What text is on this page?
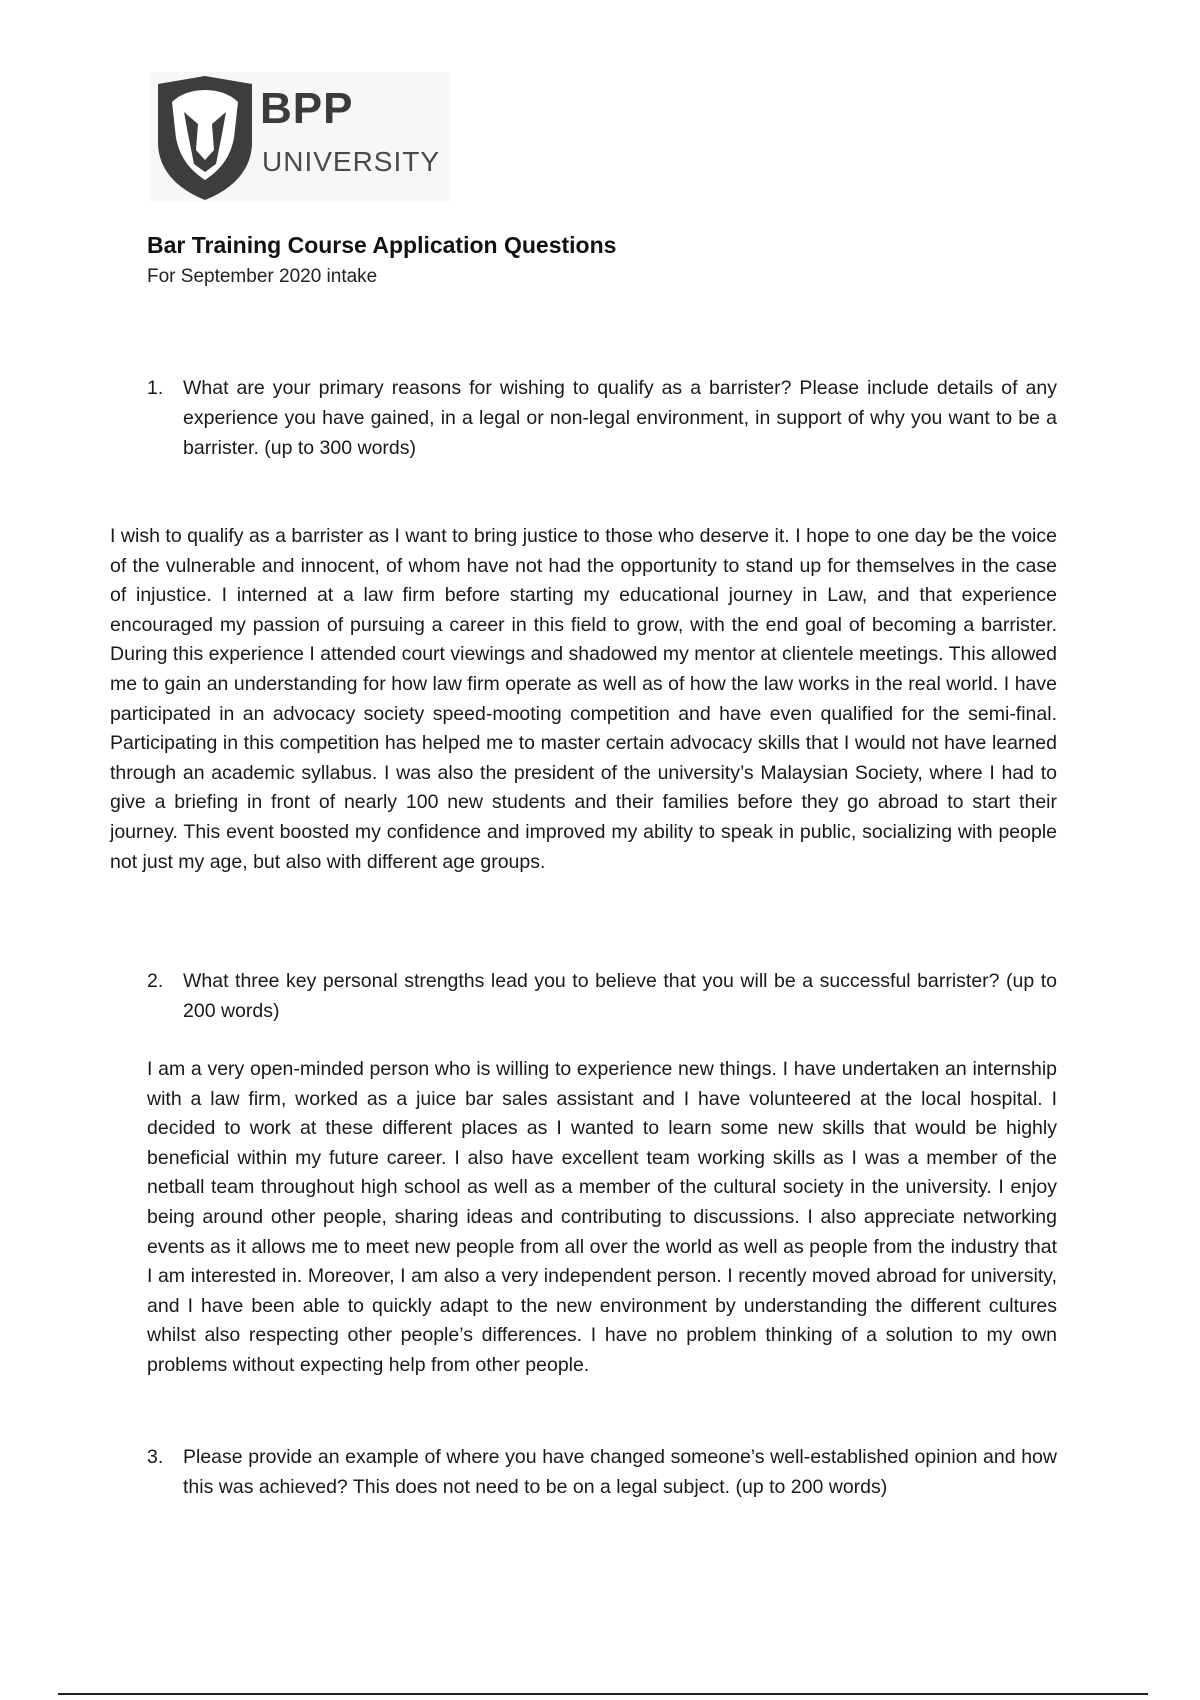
BPP
UNIVERSITY
Bar Training Course Application Questions
For September 2020 intake
1.	What are your primary reasons for wishing to qualify as a barrister? Please include details of any experience you have gained, in a legal or non-legal environment, in support of why you want to be a barrister. (up to 300 words)
I wish to qualify as a barrister as I want to bring justice to those who deserve it. I hope to one day be the voice of the vulnerable and innocent, of whom have not had the opportunity to stand up for themselves in the case of injustice. I interned at a law firm before starting my educational journey in Law, and that experience encouraged my passion of pursuing a career in this field to grow, with the end goal of becoming a barrister. During this experience I attended court viewings and shadowed my mentor at clientele meetings. This allowed me to gain an understanding for how law firm operate as well as of how the law works in the real world. I have participated in an advocacy society speed-mooting competition and have even qualified for the semi-final. Participating in this competition has helped me to master certain advocacy skills that I would not have learned through an academic syllabus. I was also the president of the university’s Malaysian Society, where I had to give a briefing in front of nearly 100 new students and their families before they go abroad to start their journey. This event boosted my confidence and improved my ability to speak in public, socializing with people not just my age, but also with different age groups.
2.	What three key personal strengths lead you to believe that you will be a successful barrister? (up to 200 words)
I am a very open-minded person who is willing to experience new things. I have undertaken an internship with a law firm, worked as a juice bar sales assistant and I have volunteered at the local hospital. I decided to work at these different places as I wanted to learn some new skills that would be highly beneficial within my future career. I also have excellent team working skills as I was a member of the netball team throughout high school as well as a member of the cultural society in the university. I enjoy being around other people, sharing ideas and contributing to discussions. I also appreciate networking events as it allows me to meet new people from all over the world as well as people from the industry that I am interested in. Moreover, I am also a very independent person. I recently moved abroad for university, and I have been able to quickly adapt to the new environment by understanding the different cultures whilst also respecting other people’s differences. I have no problem thinking of a solution to my own problems without expecting help from other people.
3.	Please provide an example of where you have changed someone’s well-established opinion and how this was achieved? This does not need to be on a legal subject. (up to 200 words)
